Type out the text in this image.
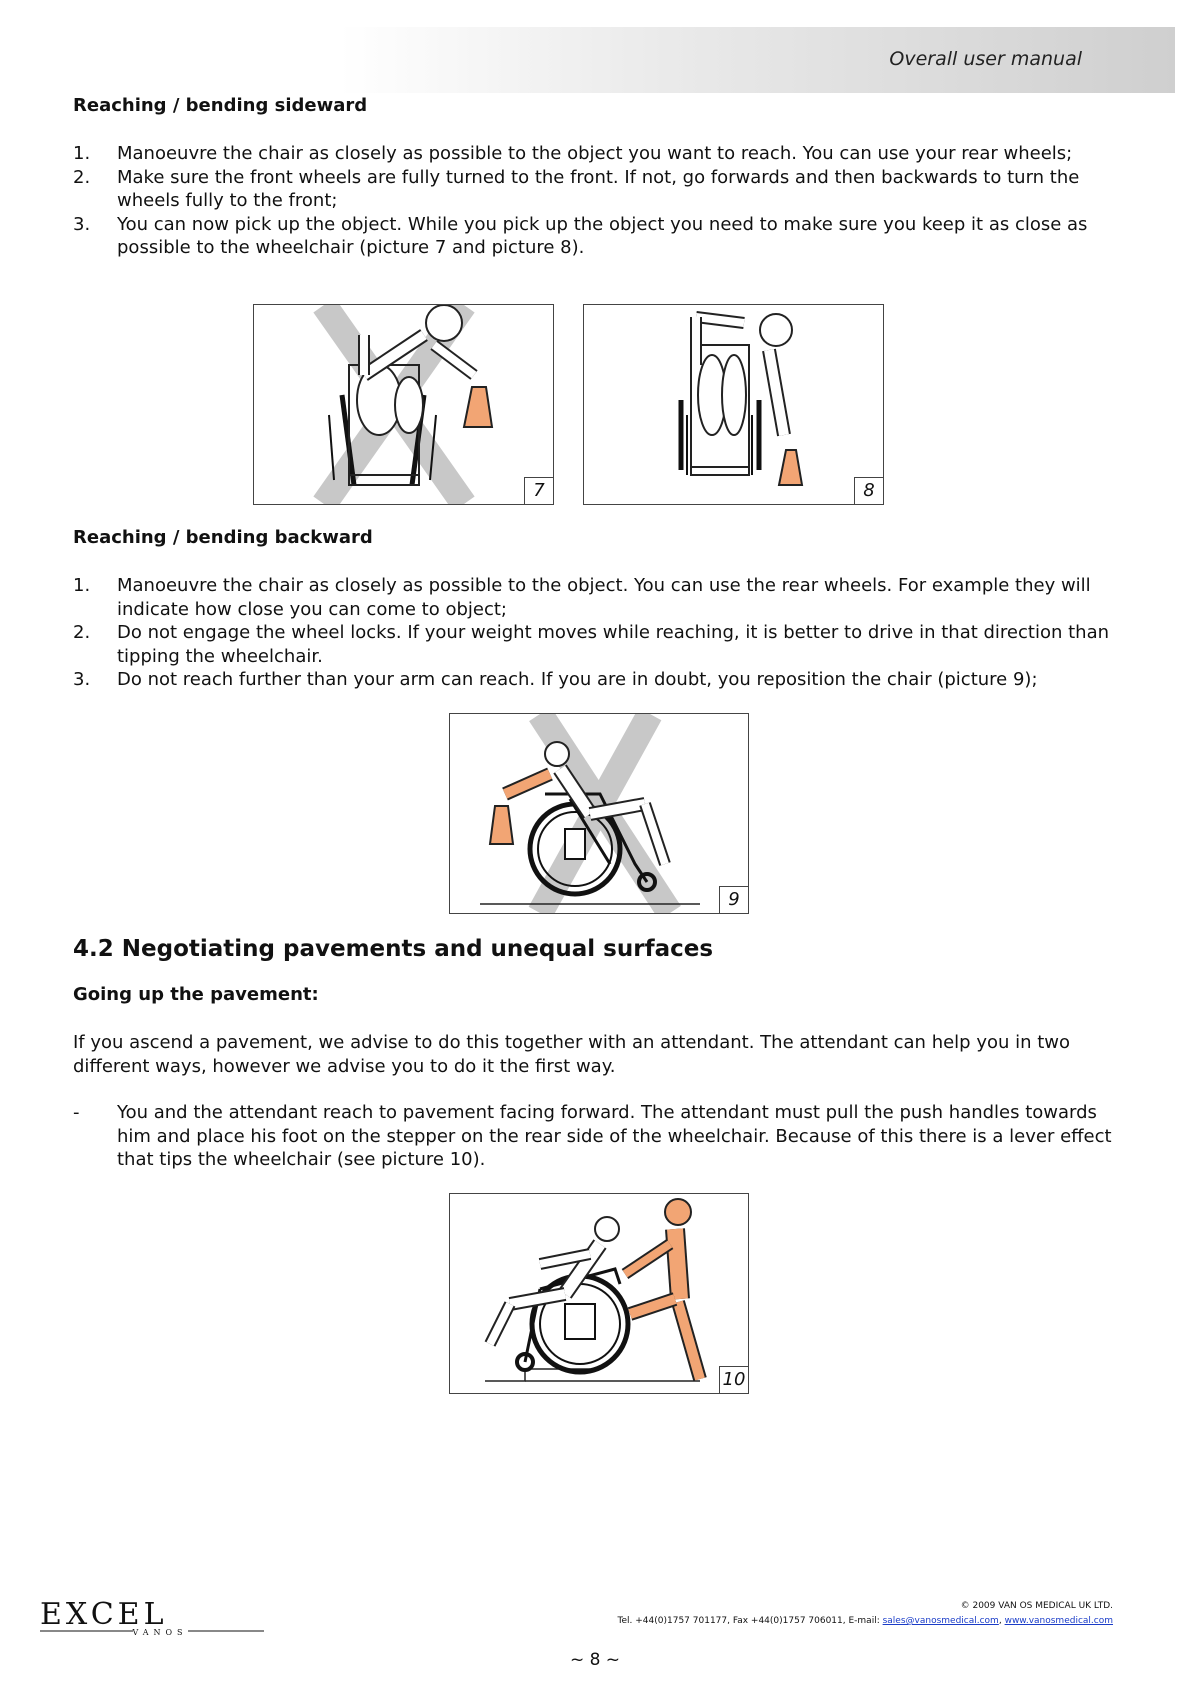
Overall user manual
Reaching / bending sideward
1. Manoeuvre the chair as closely as possible to the object you want to reach. You can use your rear wheels;
2. Make sure the front wheels are fully turned to the front. If not, go forwards and then backwards to turn the wheels fully to the front;
3. You can now pick up the object. While you pick up the object you need to make sure you keep it as close as possible to the wheelchair (picture 7 and picture 8).
7	8
Reaching / bending backward
1. Manoeuvre the chair as closely as possible to the object. You can use the rear wheels. For example they will indicate how close you can come to object;
2. Do not engage the wheel locks. If your weight moves while reaching, it is better to drive in that direction than tipping the wheelchair.
3. Do not reach further than your arm can reach. If you are in doubt, you reposition the chair (picture 9);
9
4.2 Negotiating pavements and unequal surfaces
Going up the pavement:

If you ascend a pavement, we advise to do this together with an attendant. The attendant can help you in two different ways, however we advise you to do it the first way.

- You and the attendant reach to pavement facing forward. The attendant must pull the push handles towards him and place his foot on the stepper on the rear side of the wheelchair. Because of this there is a lever effect that tips the wheelchair (see picture 10).
10
EXCEL
VANOS
© 2009 VAN OS MEDICAL UK LTD.
Tel. +44(0)1757 701177, Fax +44(0)1757 706011, E-mail: sales@vanosmedical.com, www.vanosmedical.com
~ 8 ~
